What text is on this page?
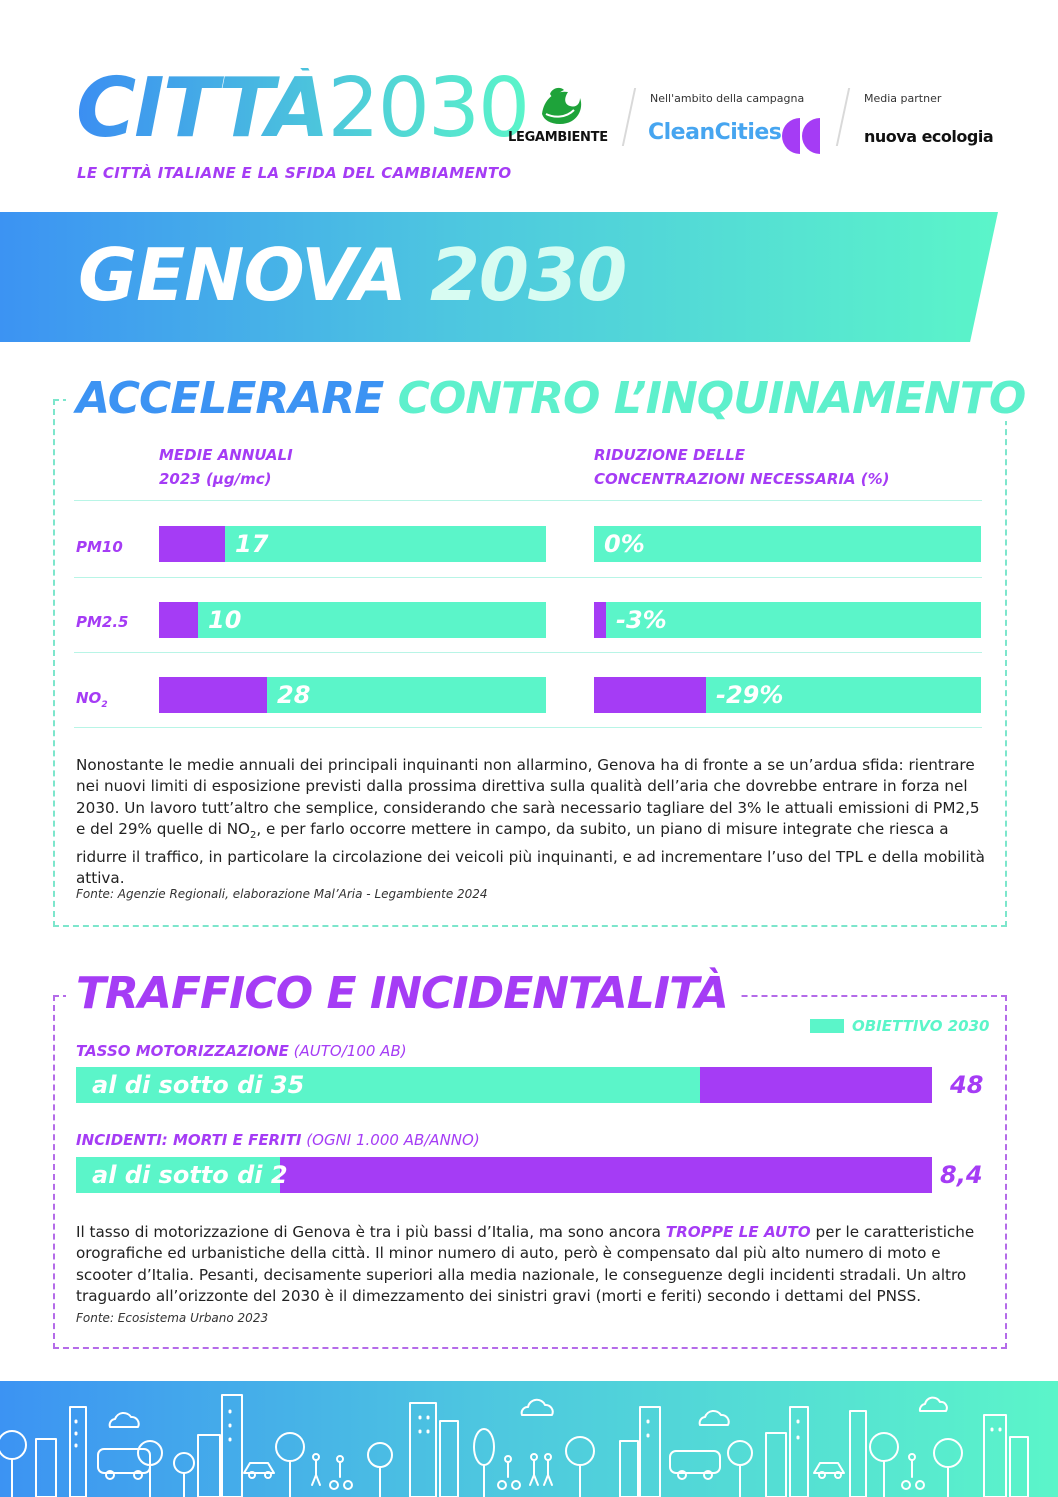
CITTÀ2030
LE CITTÀ ITALIANE E LA SFIDA DEL CAMBIAMENTO
LEGAMBIENTE
Nell'ambito della campagna
CleanCities
Media partner
nuova ecologia
GENOVA 2030
ACCELERARE CONTRO L’INQUINAMENTO
MEDIE ANNUALI
2023 (µg/mc)
RIDUZIONE DELLE
CONCENTRAZIONI NECESSARIA (%)
PM10	17	0%
PM2.5	10	-3%
$NO_2$	28	-29%
Nonostante le medie annuali dei principali inquinanti non allarmino, Genova ha di fronte a se un’ardua sfida: rientrare nei nuovi limiti di esposizione previsti dalla prossima direttiva sulla qualità dell’aria che dovrebbe entrare in forza nel 2030. Un lavoro tutt’altro che semplice, considerando che sarà necessario tagliare del 3% le attuali emissioni di PM2,5 e del 29% quelle di $NO_2$, e per farlo occorre mettere in campo, da subito, un piano di misure integrate che riesca a ridurre il traffico, in particolare la circolazione dei veicoli più inquinanti, e ad incrementare l’uso del TPL e della mobilità attiva.
Fonte: Agenzie Regionali, elaborazione Mal’Aria - Legambiente 2024
TRAFFICO E INCIDENTALITÀ
OBIETTIVO 2030
TASSO MOTORIZZAZIONE (AUTO/100 AB)
al di sotto di 35	48
INCIDENTI: MORTI E FERITI (OGNI 1.000 AB/ANNO)
al di sotto di 2	8,4
Il tasso di motorizzazione di Genova è tra i più bassi d’Italia, ma sono ancora TROPPE LE AUTO per le caratteristiche orografiche ed urbanistiche della città. Il minor numero di auto, però è compensato dal più alto numero di moto e scooter d’Italia. Pesanti, decisamente superiori alla media nazionale, le conseguenze degli incidenti stradali. Un altro traguardo all’orizzonte del 2030 è il dimezzamento dei sinistri gravi (morti e feriti) secondo i dettami del PNSS.
Fonte: Ecosistema Urbano 2023
